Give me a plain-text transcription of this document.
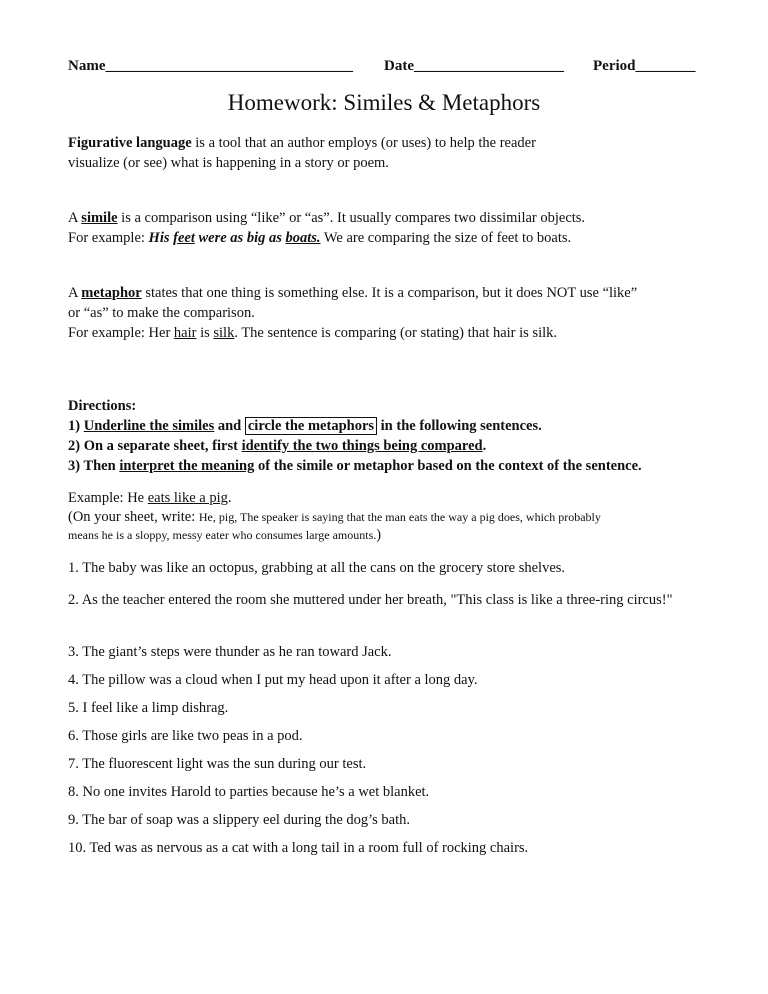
Name_________________________________ Date____________________ Period________
Homework: Similes & Metaphors
Figurative language is a tool that an author employs (or uses) to help the reader
visualize (or see) what is happening in a story or poem.
A simile is a comparison using “like” or “as”. It usually compares two dissimilar objects.
For example: His feet were as big as boats. We are comparing the size of feet to boats.
A metaphor states that one thing is something else. It is a comparison, but it does NOT use “like”
or “as” to make the comparison.
For example: Her hair is silk. The sentence is comparing (or stating) that hair is silk.
Directions:
1) Underline the similes and circle the metaphors in the following sentences.
2) On a separate sheet, first identify the two things being compared.
3) Then interpret the meaning of the simile or metaphor based on the context of the sentence.
Example: He eats like a pig.
(On your sheet, write: He, pig, The speaker is saying that the man eats the way a pig does, which probably
means he is a sloppy, messy eater who consumes large amounts.)
1. The baby was like an octopus, grabbing at all the cans on the grocery store shelves.
2. As the teacher entered the room she muttered under her breath, "This class is like a three-ring circus!"
3. The giant’s steps were thunder as he ran toward Jack.
4. The pillow was a cloud when I put my head upon it after a long day.
5. I feel like a limp dishrag.
6. Those girls are like two peas in a pod.
7. The fluorescent light was the sun during our test.
8. No one invites Harold to parties because he’s a wet blanket.
9. The bar of soap was a slippery eel during the dog’s bath.
10. Ted was as nervous as a cat with a long tail in a room full of rocking chairs.
